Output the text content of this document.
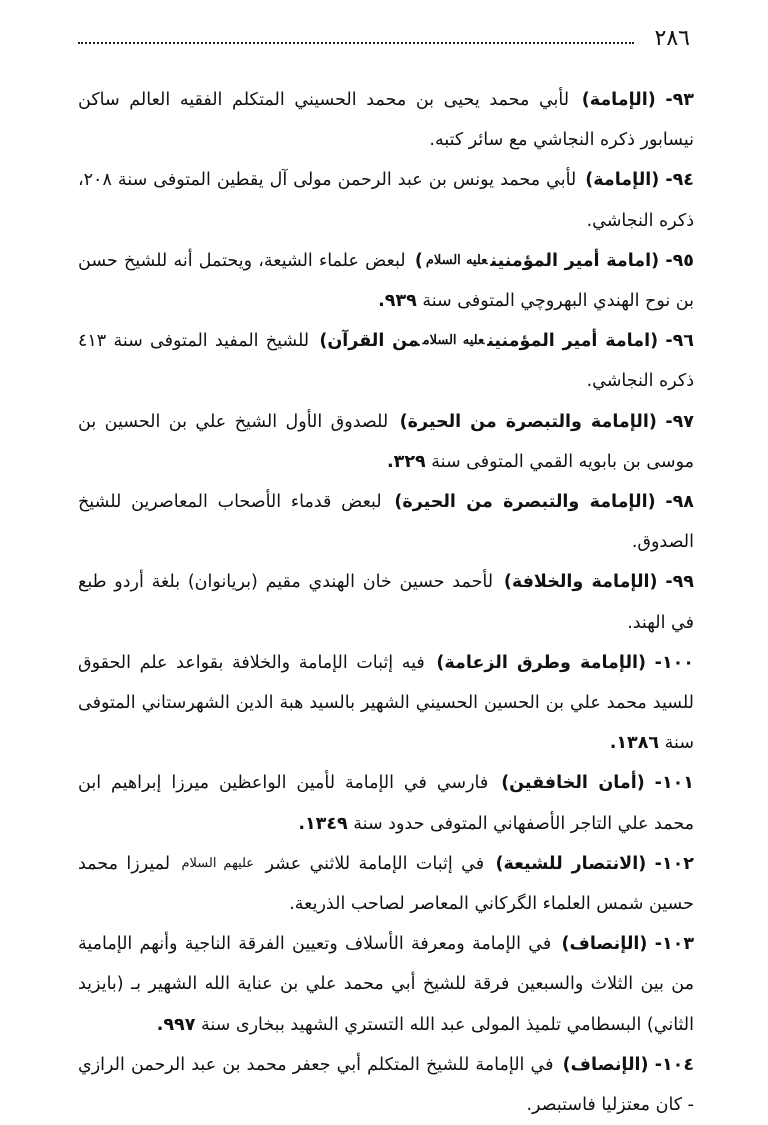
٢٨٦

٩٣- (الإمامة) لأبي محمد يحيى بن محمد الحسيني المتكلم الفقيه العالم ساكن نيسابور ذكره النجاشي مع سائر كتبه.

٩٤- (الإمامة) لأبي محمد يونس بن عبد الرحمن مولى آل يقطين المتوفى سنة ٢٠٨، ذكره النجاشي.

٩٥- (امامة أمير المؤمنينعليه السلام) لبعض علماء الشيعة، ويحتمل أنه للشيخ حسن بن نوح الهندي البهروچي المتوفى سنة ٩٣٩.

٩٦- (امامة أمير المؤمنينعليه السلاممن القرآن) للشيخ المفيد المتوفى سنة ٤١٣ ذكره النجاشي.

٩٧- (الإمامة والتبصرة من الحيرة) للصدوق الأول الشيخ علي بن الحسين بن موسى بن بابويه القمي المتوفى سنة ٣٢٩.

٩٨- (الإمامة والتبصرة من الحيرة) لبعض قدماء الأصحاب المعاصرين للشيخ الصدوق.

٩٩- (الإمامة والخلافة) لأحمد حسين خان الهندي مقيم (بريانوان) بلغة أردو طبع في الهند.

١٠٠- (الإمامة وطرق الزعامة) فيه إثبات الإمامة والخلافة بقواعد علم الحقوق للسيد محمد علي بن الحسين الحسيني الشهير بالسيد هبة الدين الشهرستاني المتوفى سنة ١٣٨٦.

١٠١- (أمان الخافقين) فارسي في الإمامة لأمين الواعظين ميرزا إبراهيم ابن محمد علي التاجر الأصفهاني المتوفى حدود سنة ١٣٤٩.

١٠٢- (الانتصار للشيعة) في إثبات الإمامة للاثني عشر عليهم السلام لميرزا محمد حسين شمس العلماء الگركاني المعاصر لصاحب الذريعة.

١٠٣- (الإنصاف) في الإمامة ومعرفة الأسلاف وتعيين الفرقة الناجية وأنهم الإمامية من بين الثلاث والسبعين فرقة للشيخ أبي محمد علي بن عناية الله الشهير بـ (بايزيد الثاني) البسطامي تلميذ المولى عبد الله التستري الشهيد ببخارى سنة ٩٩٧.

١٠٤- (الإنصاف) في الإمامة للشيخ المتكلم أبي جعفر محمد بن عبد الرحمن الرازي - كان معتزليا فاستبصر.
